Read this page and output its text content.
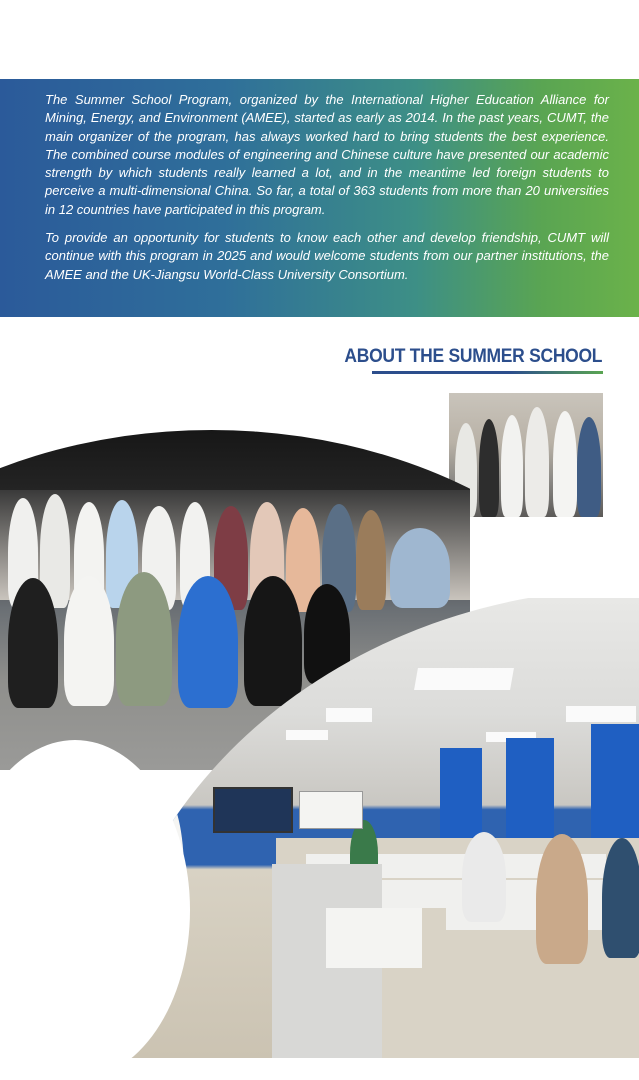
The Summer School Program, organized by the International Higher Education Alliance for Mining, Energy, and Environment (AMEE), started as early as 2014. In the past years, CUMT, the main organizer of the program, has always worked hard to bring students the best experience. The combined course modules of engineering and Chinese culture have presented our academic strength by which students really learned a lot, and in the meantime led foreign students to perceive a multi-dimensional China. So far, a total of 363 students from more than 20 universities in 12 countries have participated in this program.

To provide an opportunity for students to know each other and develop friendship, CUMT will continue with this program in 2025 and would welcome students from our partner institutions, the AMEE and the UK-Jiangsu World-Class University Consortium.

ABOUT THE SUMMER SCHOOL
